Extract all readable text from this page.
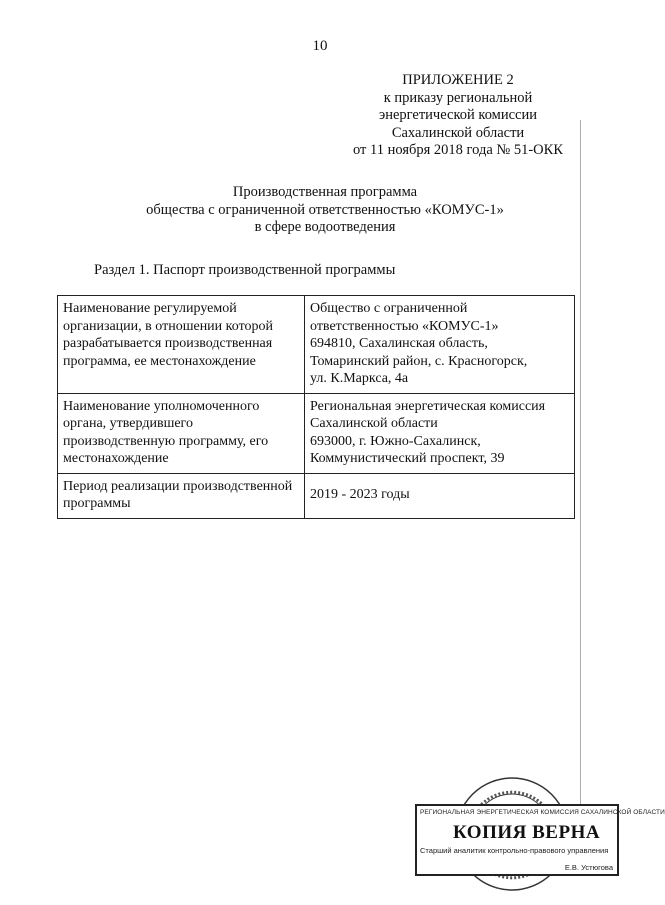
10
ПРИЛОЖЕНИЕ 2
к приказу региональной
энергетической комиссии
Сахалинской области
от 11 ноября 2018 года № 51-ОКК
Производственная программа
общества с ограниченной ответственностью «КОМУС-1»
в сфере водоотведения
Раздел 1. Паспорт производственной программы
Наименование регулируемой организации, в отношении которой разрабатывается производственная программа, ее местонахождение	Общество с ограниченной ответственностью «КОМУС-1»
694810, Сахалинская область, Томаринский район, с. Красногорск,
ул. К.Маркса, 4а

Наименование уполномоченного органа, утвердившего производственную программу, его местонахождение	Региональная энергетическая комиссия Сахалинской области
693000, г. Южно-Сахалинск, Коммунистический проспект, 39

Период реализации производственной программы	2019 - 2023 годы
РЕГИОНАЛЬНАЯ ЭНЕРГЕТИЧЕСКАЯ КОМИССИЯ САХАЛИНСКОЙ ОБЛАСТИ
КОПИЯ ВЕРНА
Старший аналитик контрольно-правового управления
Е.В. Устюгова
